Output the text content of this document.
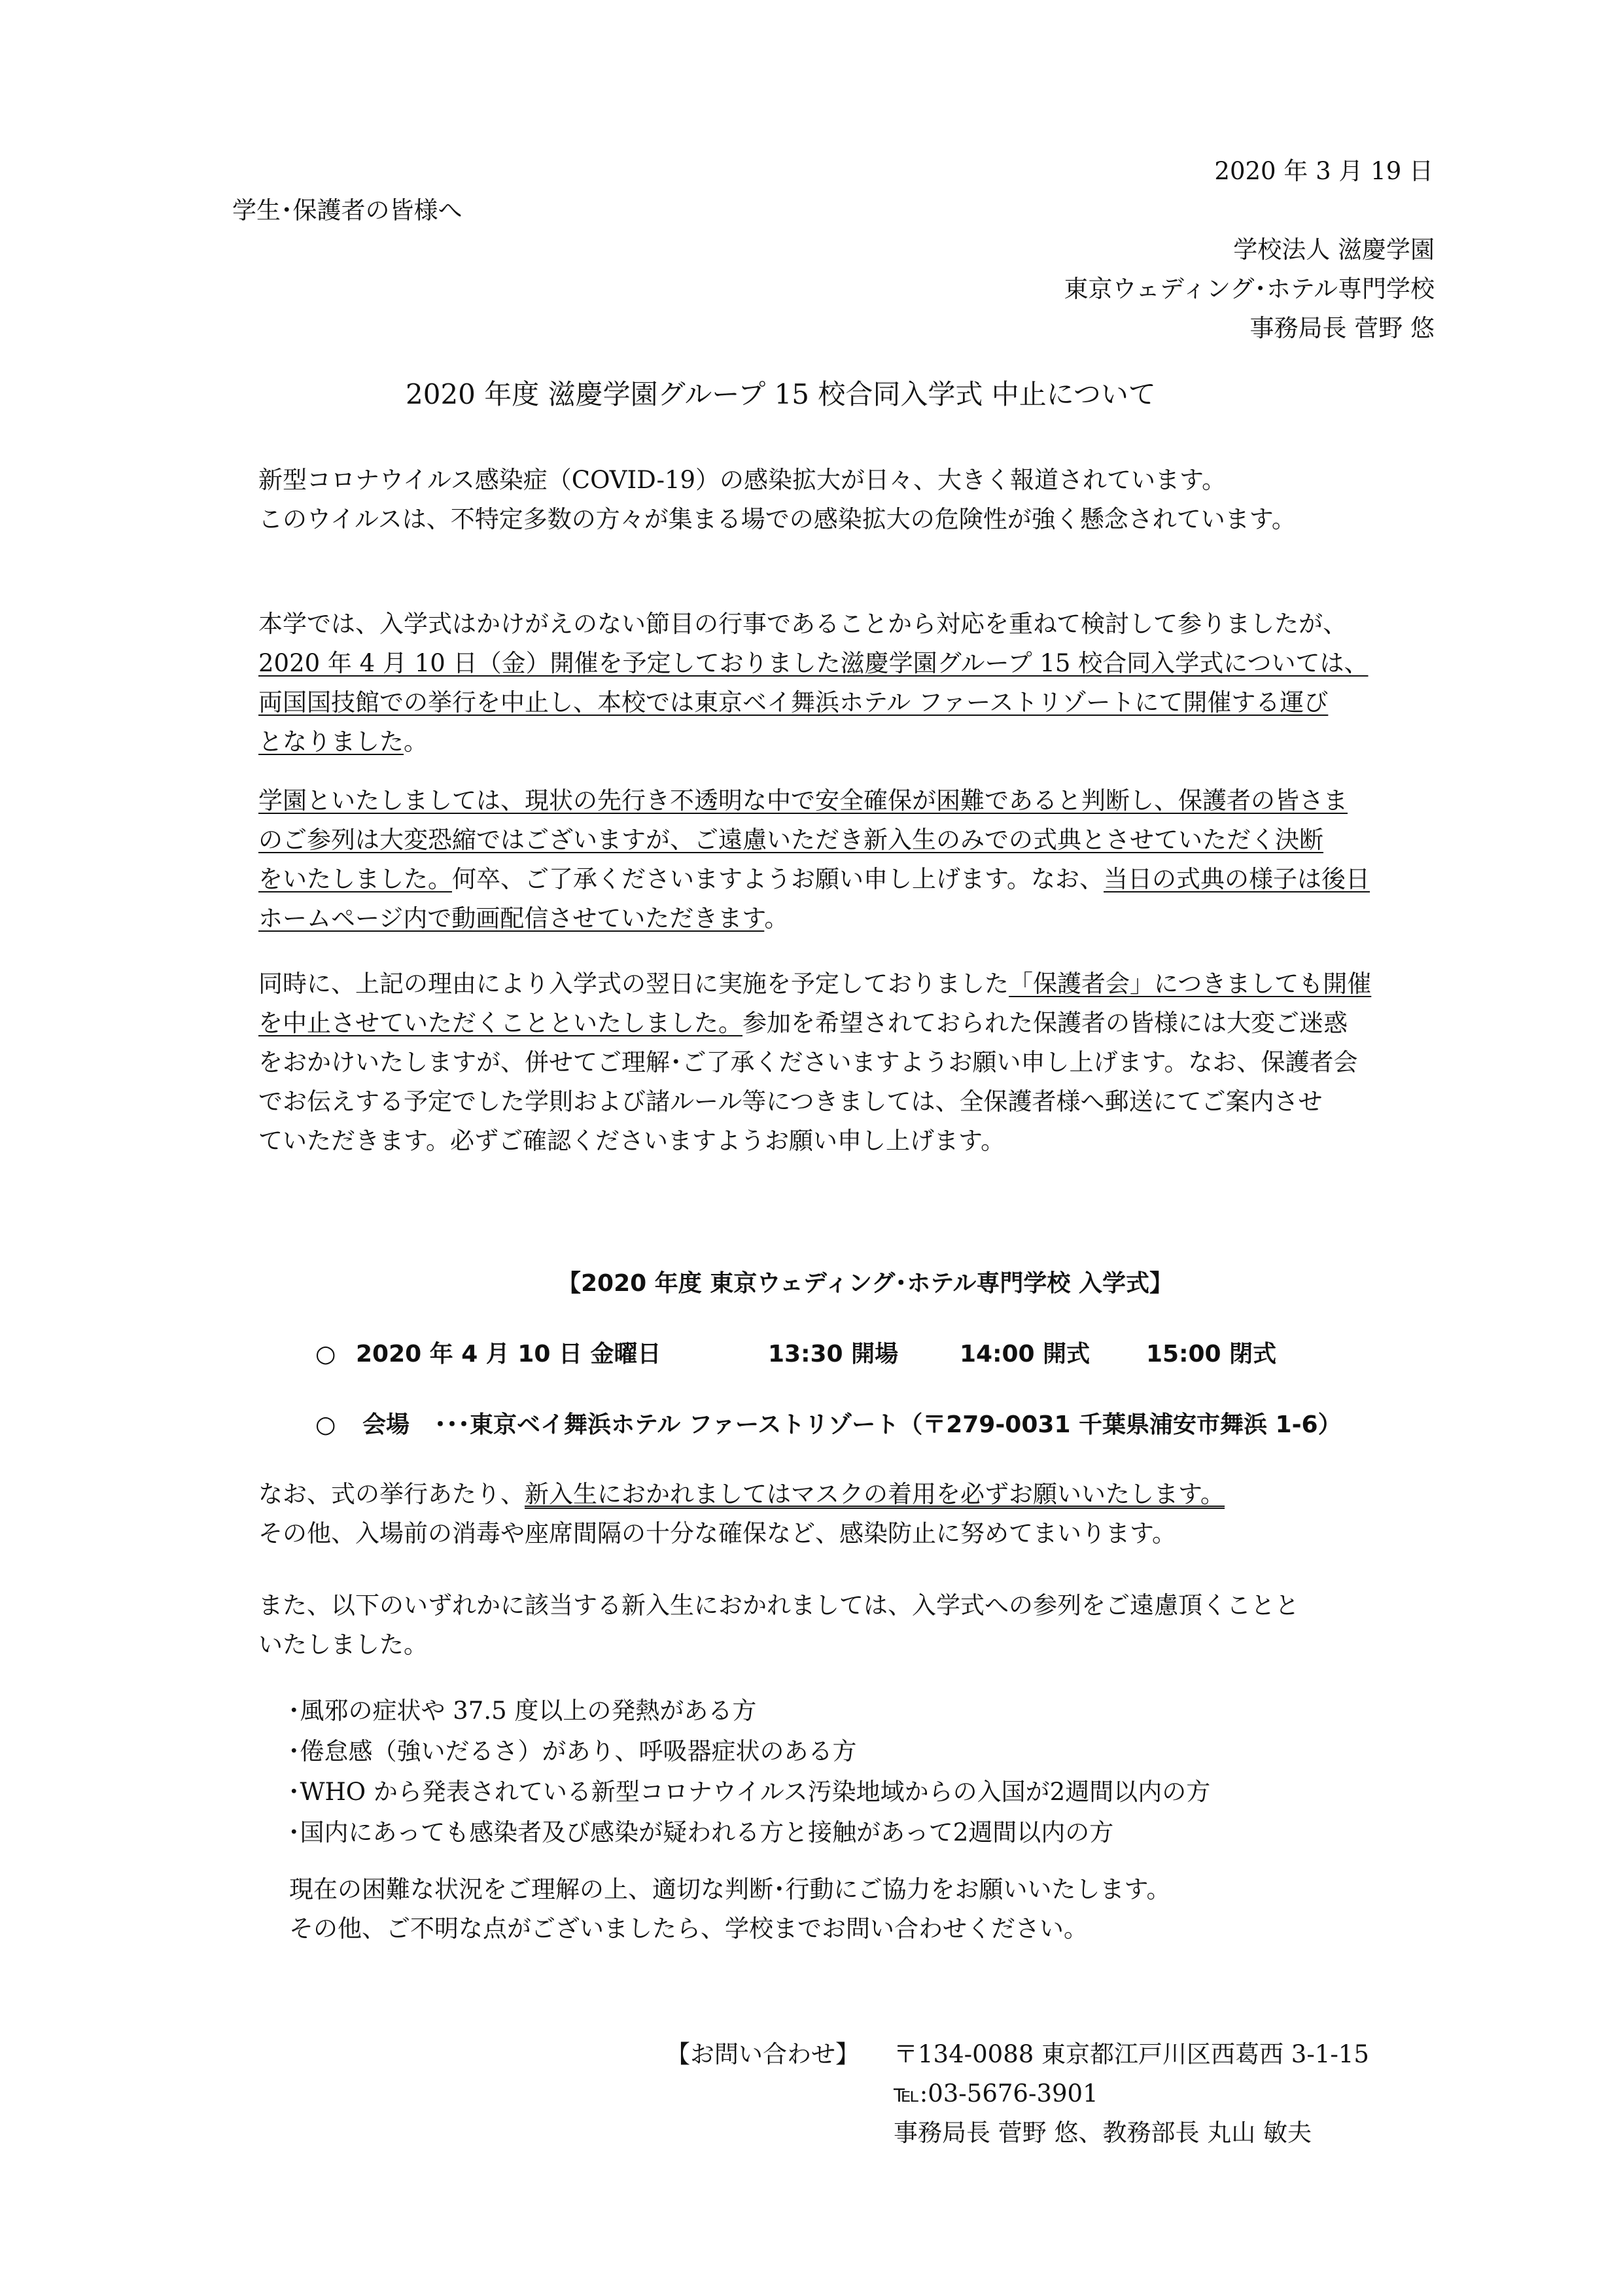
2020 年 3 月 19 日
学生･保護者の皆様へ
学校法人 滋慶学園
東京ウェディング･ホテル専門学校
事務局長 菅野 悠
2020 年度 滋慶学園グループ 15 校合同入学式 中止について
新型コロナウイルス感染症（COVID-19）の感染拡大が日々、大きく報道されています。
このウイルスは、不特定多数の方々が集まる場での感染拡大の危険性が強く懸念されています。
本学では、入学式はかけがえのない節目の行事であることから対応を重ねて検討して参りましたが、
2020 年 4 月 10 日（金）開催を予定しておりました滋慶学園グループ 15 校合同入学式については、
両国国技館での挙行を中止し、本校では東京ベイ舞浜ホテル ファーストリゾートにて開催する運び
となりました。
学園といたしましては、現状の先行き不透明な中で安全確保が困難であると判断し、保護者の皆さま
のご参列は大変恐縮ではございますが、ご遠慮いただき新入生のみでの式典とさせていただく決断
をいたしました。何卒、ご了承くださいますようお願い申し上げます。なお、当日の式典の様子は後日
ホームページ内で動画配信させていただきます。
同時に、上記の理由により入学式の翌日に実施を予定しておりました「保護者会」につきましても開催
を中止させていただくことといたしました。参加を希望されておられた保護者の皆様には大変ご迷惑
をおかけいたしますが、併せてご理解･ご了承くださいますようお願い申し上げます。なお、保護者会
でお伝えする予定でした学則および諸ルール等につきましては、全保護者様へ郵送にてご案内させ
ていただきます。必ずご確認くださいますようお願い申し上げます。
【2020 年度 東京ウェディング･ホテル専門学校 入学式】
○ 2020 年 4 月 10 日 金曜日	13:30 開場	14:00 開式 15:00 閉式
○ 会場 ･･･東京ベイ舞浜ホテル ファーストリゾート（〒279-0031 千葉県浦安市舞浜 1-6）
なお、式の挙行あたり、新入生におかれましてはマスクの着用を必ずお願いいたします。
その他、入場前の消毒や座席間隔の十分な確保など、感染防止に努めてまいります。
また、以下のいずれかに該当する新入生におかれましては、入学式への参列をご遠慮頂くことと
いたしました。
･風邪の症状や 37.5 度以上の発熱がある方
･倦怠感（強いだるさ）があり、呼吸器症状のある方
･WHO から発表されている新型コロナウイルス汚染地域からの入国が2週間以内の方
･国内にあっても感染者及び感染が疑われる方と接触があって2週間以内の方
現在の困難な状況をご理解の上、適切な判断･行動にご協力をお願いいたします。
その他、ご不明な点がございましたら、学校までお問い合わせください。
【お問い合わせ】 〒134-0088 東京都江戸川区西葛西 3-1-15
℡:03-5676-3901
事務局長 菅野 悠、教務部長 丸山 敏夫
